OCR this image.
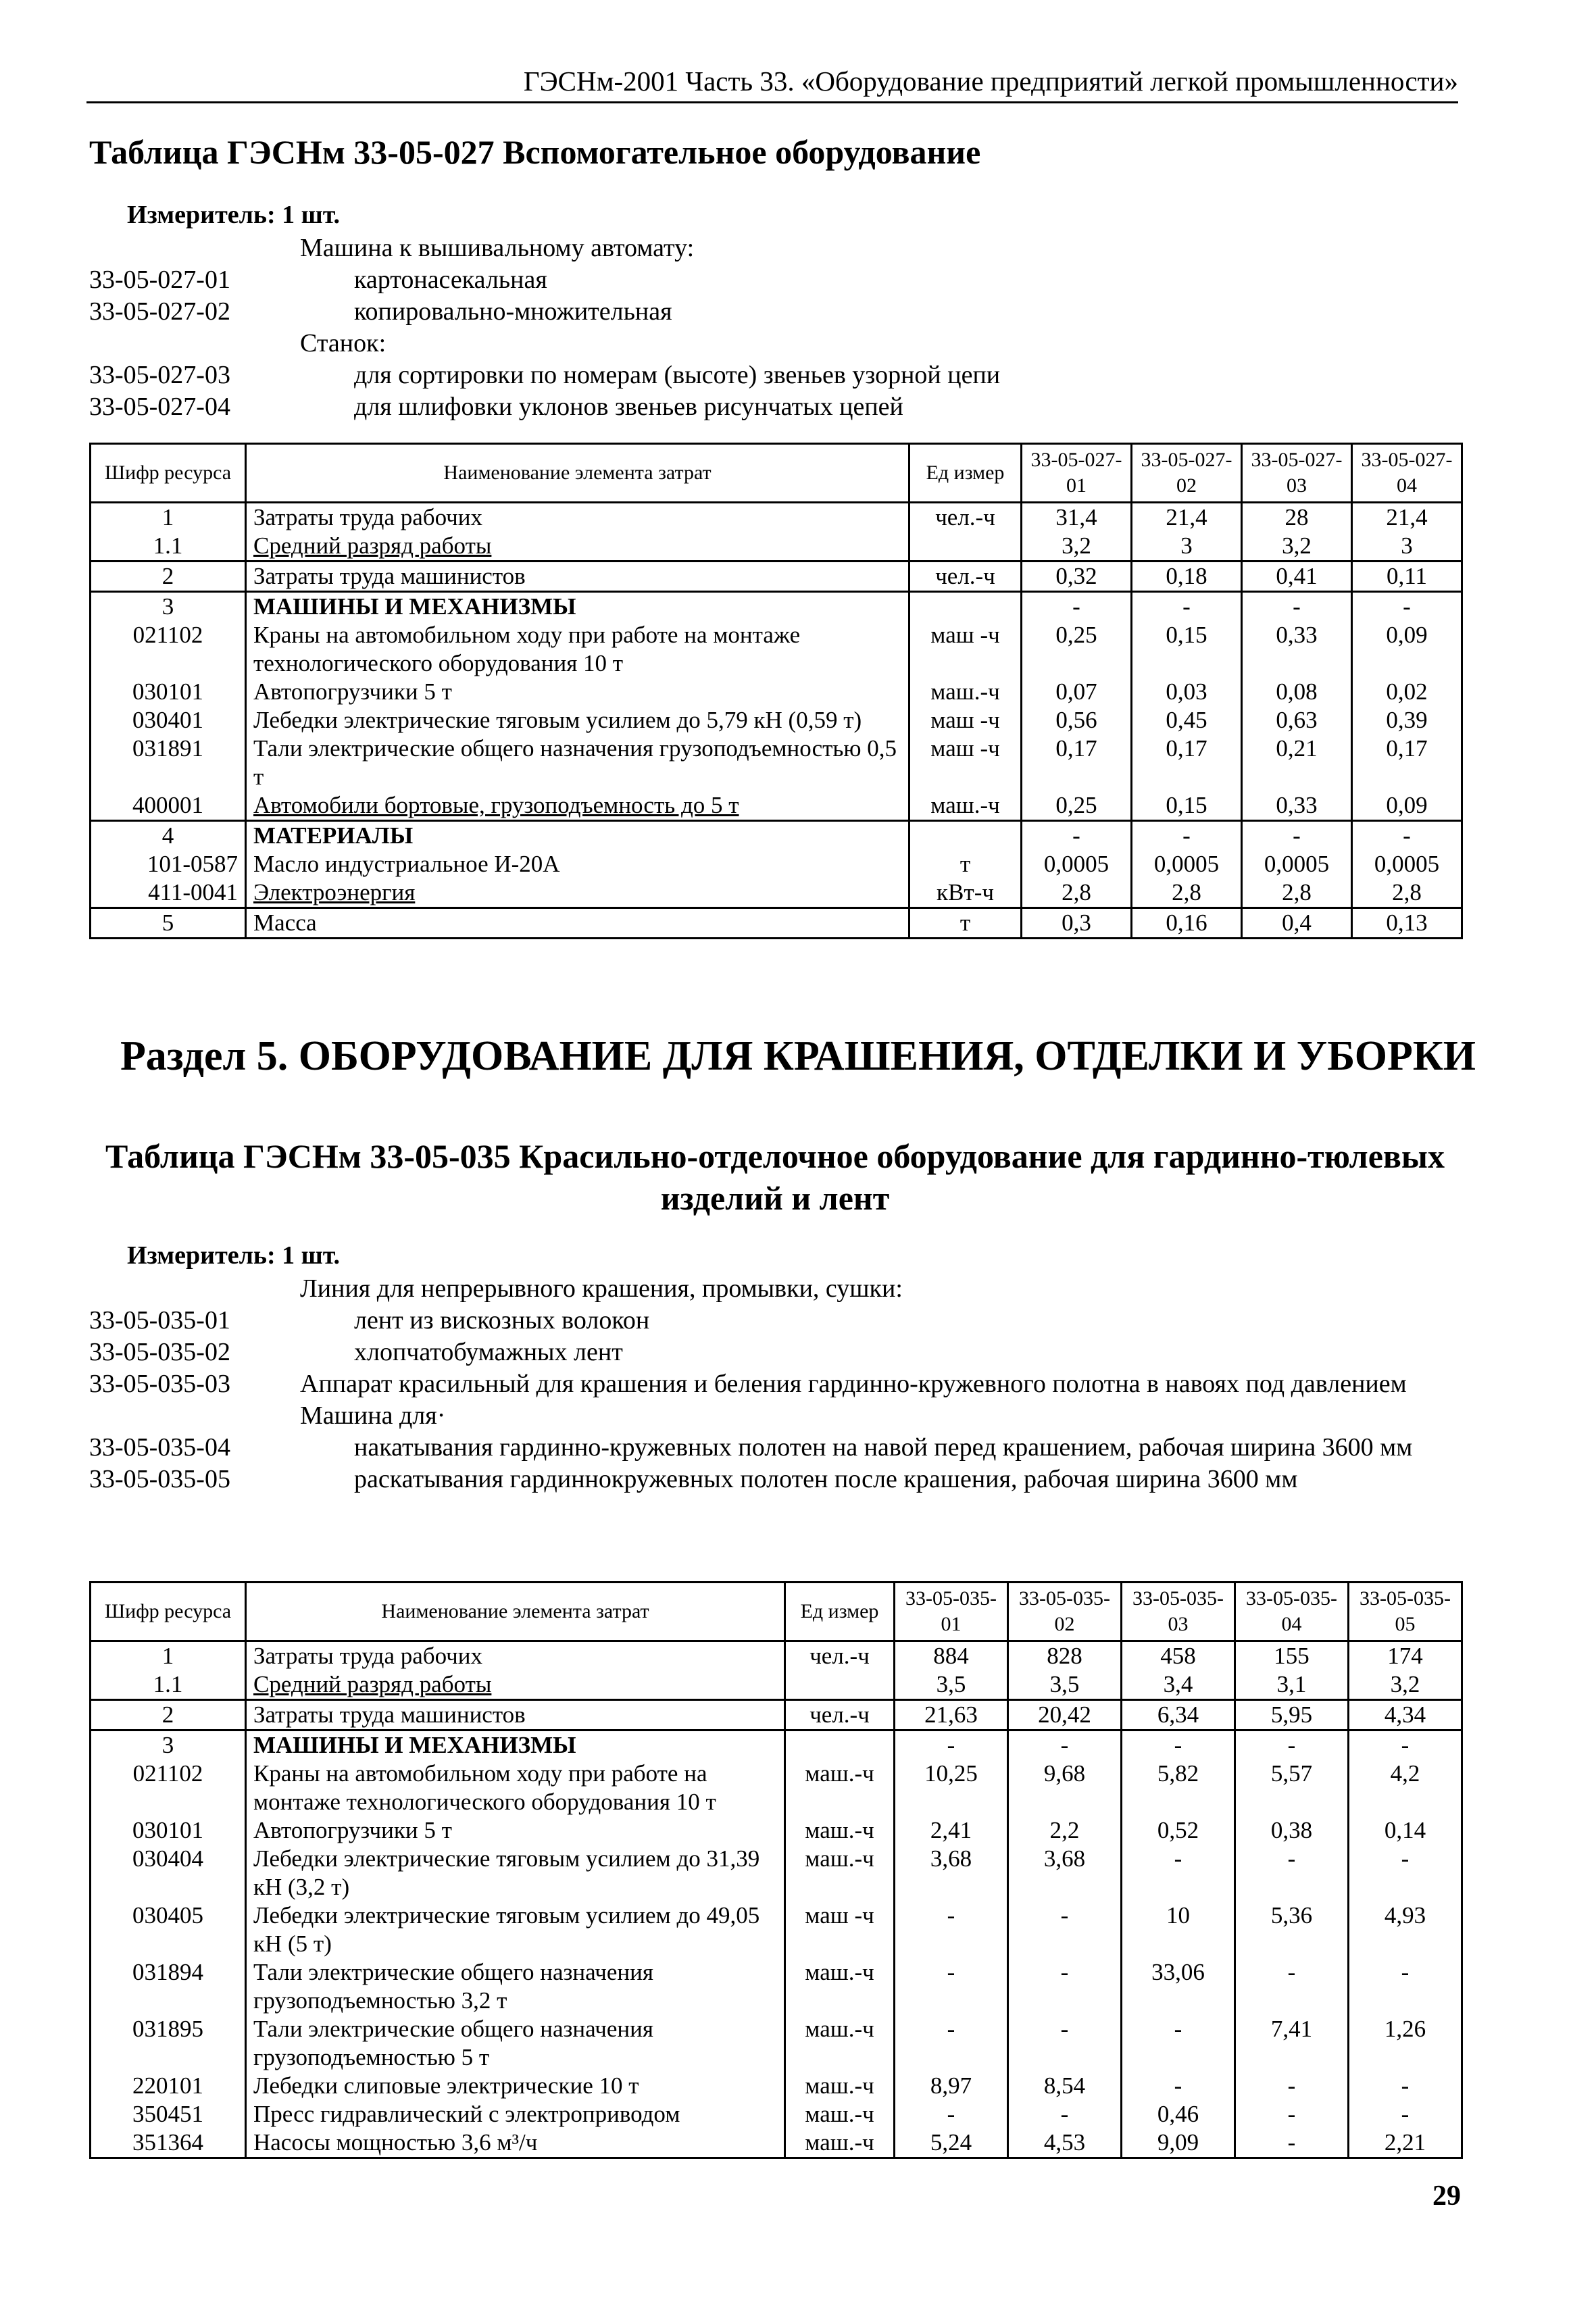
ГЭСНм-2001 Часть 33. «Оборудование предприятий легкой промышленности»
Таблица ГЭСНм 33-05-027 Вспомогательное оборудование
Измеритель: 1 шт.
Машина к вышивальному автомату:
33-05-027-01	картонасекальная
33-05-027-02	копировально-множительная
Станок:
33-05-027-03	для сортировки по номерам (высоте) звеньев узорной цепи
33-05-027-04	для шлифовки уклонов звеньев рисунчатых цепей
Шифр ресурса	Наименование элемента затрат	Ед измер	33-05-027-01	33-05-027-02	33-05-027-03	33-05-027-04
1	Затраты труда рабочих	чел.-ч	31,4	21,4	28	21,4
1.1	Средний разряд работы		3,2	3	3,2	3
2	Затраты труда машинистов	чел.-ч	0,32	0,18	0,41	0,11
3	МАШИНЫ И МЕХАНИЗМЫ		-	-	-	-
021102	Краны на автомобильном ходу при работе на монтаже технологического оборудования 10 т	маш -ч	0,25	0,15	0,33	0,09
030101	Автопогрузчики 5 т	маш.-ч	0,07	0,03	0,08	0,02
030401	Лебедки электрические тяговым усилием до 5,79 кН (0,59 т)	маш -ч	0,56	0,45	0,63	0,39
031891	Тали электрические общего назначения грузоподъемностью 0,5 т	маш -ч	0,17	0,17	0,21	0,17
400001	Автомобили бортовые, грузоподъемность до 5 т	маш.-ч	0,25	0,15	0,33	0,09
4	МАТЕРИАЛЫ		-	-	-	-
101-0587	Масло индустриальное И-20А	т	0,0005	0,0005	0,0005	0,0005
411-0041	Электроэнергия	кВт-ч	2,8	2,8	2,8	2,8
5	Масса	т	0,3	0,16	0,4	0,13
Раздел 5. ОБОРУДОВАНИЕ ДЛЯ КРАШЕНИЯ, ОТДЕЛКИ И УБОРКИ
Таблица ГЭСНм 33-05-035 Красильно-отделочное оборудование для гардинно-тюлевых
изделий и лент
Измеритель: 1 шт.
Линия для непрерывного крашения, промывки, сушки:
33-05-035-01	лент из вискозных волокон
33-05-035-02	хлопчатобумажных лент
33-05-035-03	Аппарат красильный для крашения и беления гардинно-кружевного полотна в навоях под давлением
Машина для·
33-05-035-04	накатывания гардинно-кружевных полотен на навой перед крашением, рабочая ширина 3600 мм
33-05-035-05	раскатывания гардиннокружевных полотен после крашения, рабочая ширина 3600 мм
Шифр ресурса	Наименование элемента затрат	Ед измер	33-05-035-01	33-05-035-02	33-05-035-03	33-05-035-04	33-05-035-05
1	Затраты труда рабочих	чел.-ч	884	828	458	155	174
1.1	Средний разряд работы		3,5	3,5	3,4	3,1	3,2
2	Затраты труда машинистов	чел.-ч	21,63	20,42	6,34	5,95	4,34
3	МАШИНЫ И МЕХАНИЗМЫ		-	-	-	-	-
021102	Краны на автомобильном ходу при работе на монтаже технологического оборудования 10 т	маш.-ч	10,25	9,68	5,82	5,57	4,2
030101	Автопогрузчики 5 т	маш.-ч	2,41	2,2	0,52	0,38	0,14
030404	Лебедки электрические тяговым усилием до 31,39 кН (3,2 т)	маш.-ч	3,68	3,68	-	-	-
030405	Лебедки электрические тяговым усилием до 49,05 кН (5 т)	маш -ч	-	-	10	5,36	4,93
031894	Тали электрические общего назначения грузоподъемностью 3,2 т	маш.-ч	-	-	33,06	-	-
031895	Тали электрические общего назначения грузоподъемностью 5 т	маш.-ч	-	-	-	7,41	1,26
220101	Лебедки слиповые электрические 10 т	маш.-ч	8,97	8,54	-	-	-
350451	Пресс гидравлический с электроприводом	маш.-ч	-	-	0,46	-	-
351364	Насосы мощностью 3,6 м³/ч	маш.-ч	5,24	4,53	9,09	-	2,21
29
